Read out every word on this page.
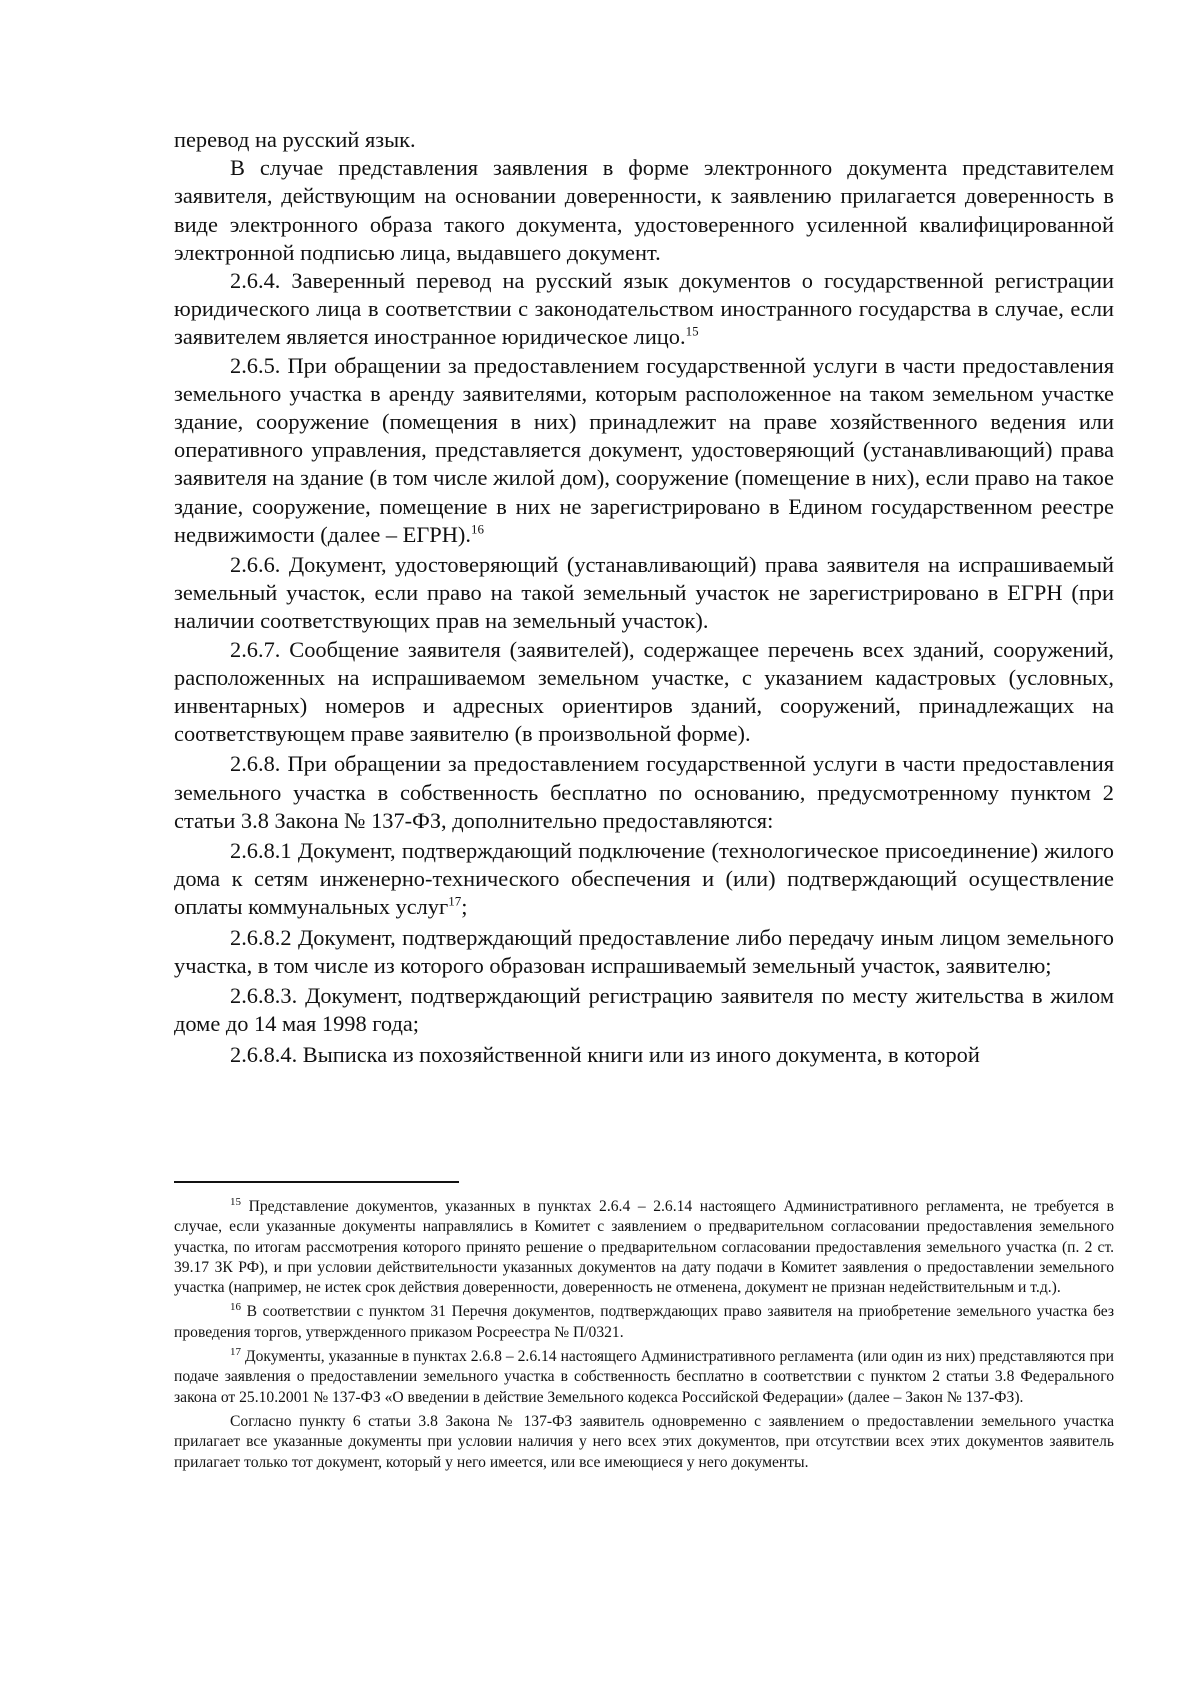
перевод на русский язык.

В случае представления заявления в форме электронного документа представителем заявителя, действующим на основании доверенности, к заявлению прилагается доверенность в виде электронного образа такого документа, удостоверенного усиленной квалифицированной электронной подписью лица, выдавшего документ.

2.6.4. Заверенный перевод на русский язык документов о государственной регистрации юридического лица в соответствии с законодательством иностранного государства в случае, если заявителем является иностранное юридическое лицо.$^{15}$

2.6.5. При обращении за предоставлением государственной услуги в части предоставления земельного участка в аренду заявителями, которым расположенное на таком земельном участке здание, сооружение (помещения в них) принадлежит на праве хозяйственного ведения или оперативного управления, представляется документ, удостоверяющий (устанавливающий) права заявителя на здание (в том числе жилой дом), сооружение (помещение в них), если право на такое здание, сооружение, помещение в них не зарегистрировано в Едином государственном реестре недвижимости (далее – ЕГРН).$^{16}$

2.6.6. Документ, удостоверяющий (устанавливающий) права заявителя на испрашиваемый земельный участок, если право на такой земельный участок не зарегистрировано в ЕГРН (при наличии соответствующих прав на земельный участок).

2.6.7. Сообщение заявителя (заявителей), содержащее перечень всех зданий, сооружений, расположенных на испрашиваемом земельном участке, с указанием кадастровых (условных, инвентарных) номеров и адресных ориентиров зданий, сооружений, принадлежащих на соответствующем праве заявителю (в произвольной форме).

2.6.8. При обращении за предоставлением государственной услуги в части предоставления земельного участка в собственность бесплатно по основанию, предусмотренному пунктом 2 статьи 3.8 Закона № 137-ФЗ, дополнительно предоставляются:

2.6.8.1 Документ, подтверждающий подключение (технологическое присоединение) жилого дома к сетям инженерно-технического обеспечения и (или) подтверждающий осуществление оплаты коммунальных услуг$^{17}$;

2.6.8.2 Документ, подтверждающий предоставление либо передачу иным лицом земельного участка, в том числе из которого образован испрашиваемый земельный участок, заявителю;

2.6.8.3. Документ, подтверждающий регистрацию заявителя по месту жительства в жилом доме до 14 мая 1998 года;

2.6.8.4. Выписка из похозяйственной книги или из иного документа, в которой

$^{15}$ Представление документов, указанных в пунктах 2.6.4 – 2.6.14 настоящего Административного регламента, не требуется в случае, если указанные документы направлялись в Комитет с заявлением о предварительном согласовании предоставления земельного участка, по итогам рассмотрения которого принято решение о предварительном согласовании предоставления земельного участка (п. 2 ст. 39.17 ЗК РФ), и при условии действительности указанных документов на дату подачи в Комитет заявления о предоставлении земельного участка (например, не истек срок действия доверенности, доверенность не отменена, документ не признан недействительным и т.д.).

$^{16}$ В соответствии с пунктом 31 Перечня документов, подтверждающих право заявителя на приобретение земельного участка без проведения торгов, утвержденного приказом Росреестра № П/0321.

$^{17}$ Документы, указанные в пунктах 2.6.8 – 2.6.14 настоящего Административного регламента (или один из них) представляются при подаче заявления о предоставлении земельного участка в собственность бесплатно в соответствии с пунктом 2 статьи 3.8 Федерального закона от 25.10.2001 № 137-ФЗ «О введении в действие Земельного кодекса Российской Федерации» (далее – Закон № 137-ФЗ).

Согласно пункту 6 статьи 3.8 Закона № 137-ФЗ заявитель одновременно с заявлением о предоставлении земельного участка прилагает все указанные документы при условии наличия у него всех этих документов, при отсутствии всех этих документов заявитель прилагает только тот документ, который у него имеется, или все имеющиеся у него документы.
